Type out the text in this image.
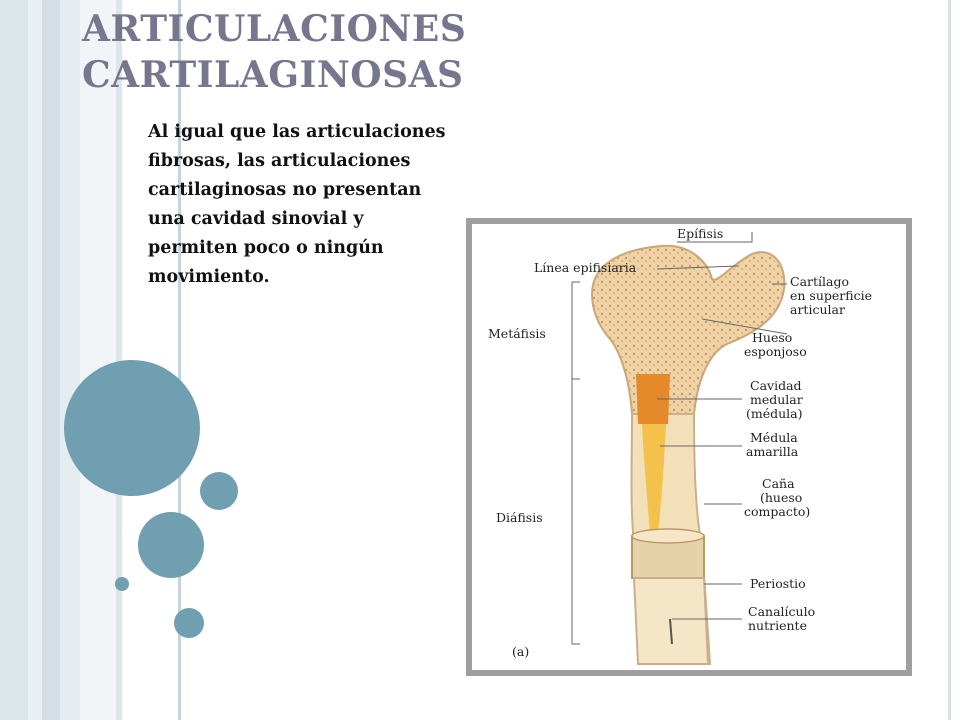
ARTICULACIONES
CARTILAGINOSAS
Al igual que las articulaciones
fibrosas, las articulaciones
cartilaginosas no presentan
una cavidad sinovial y
permiten poco o ningún
movimiento.
Epífisis
Línea epifisiaria
Metáfisis
Diáfisis
Cartílago
en superficie
articular
Hueso
esponjoso
Cavidad
medular
(médula)
Médula
amarilla
Caña
(hueso
compacto)
Periostio
Canalículo
nutriente
(a)
